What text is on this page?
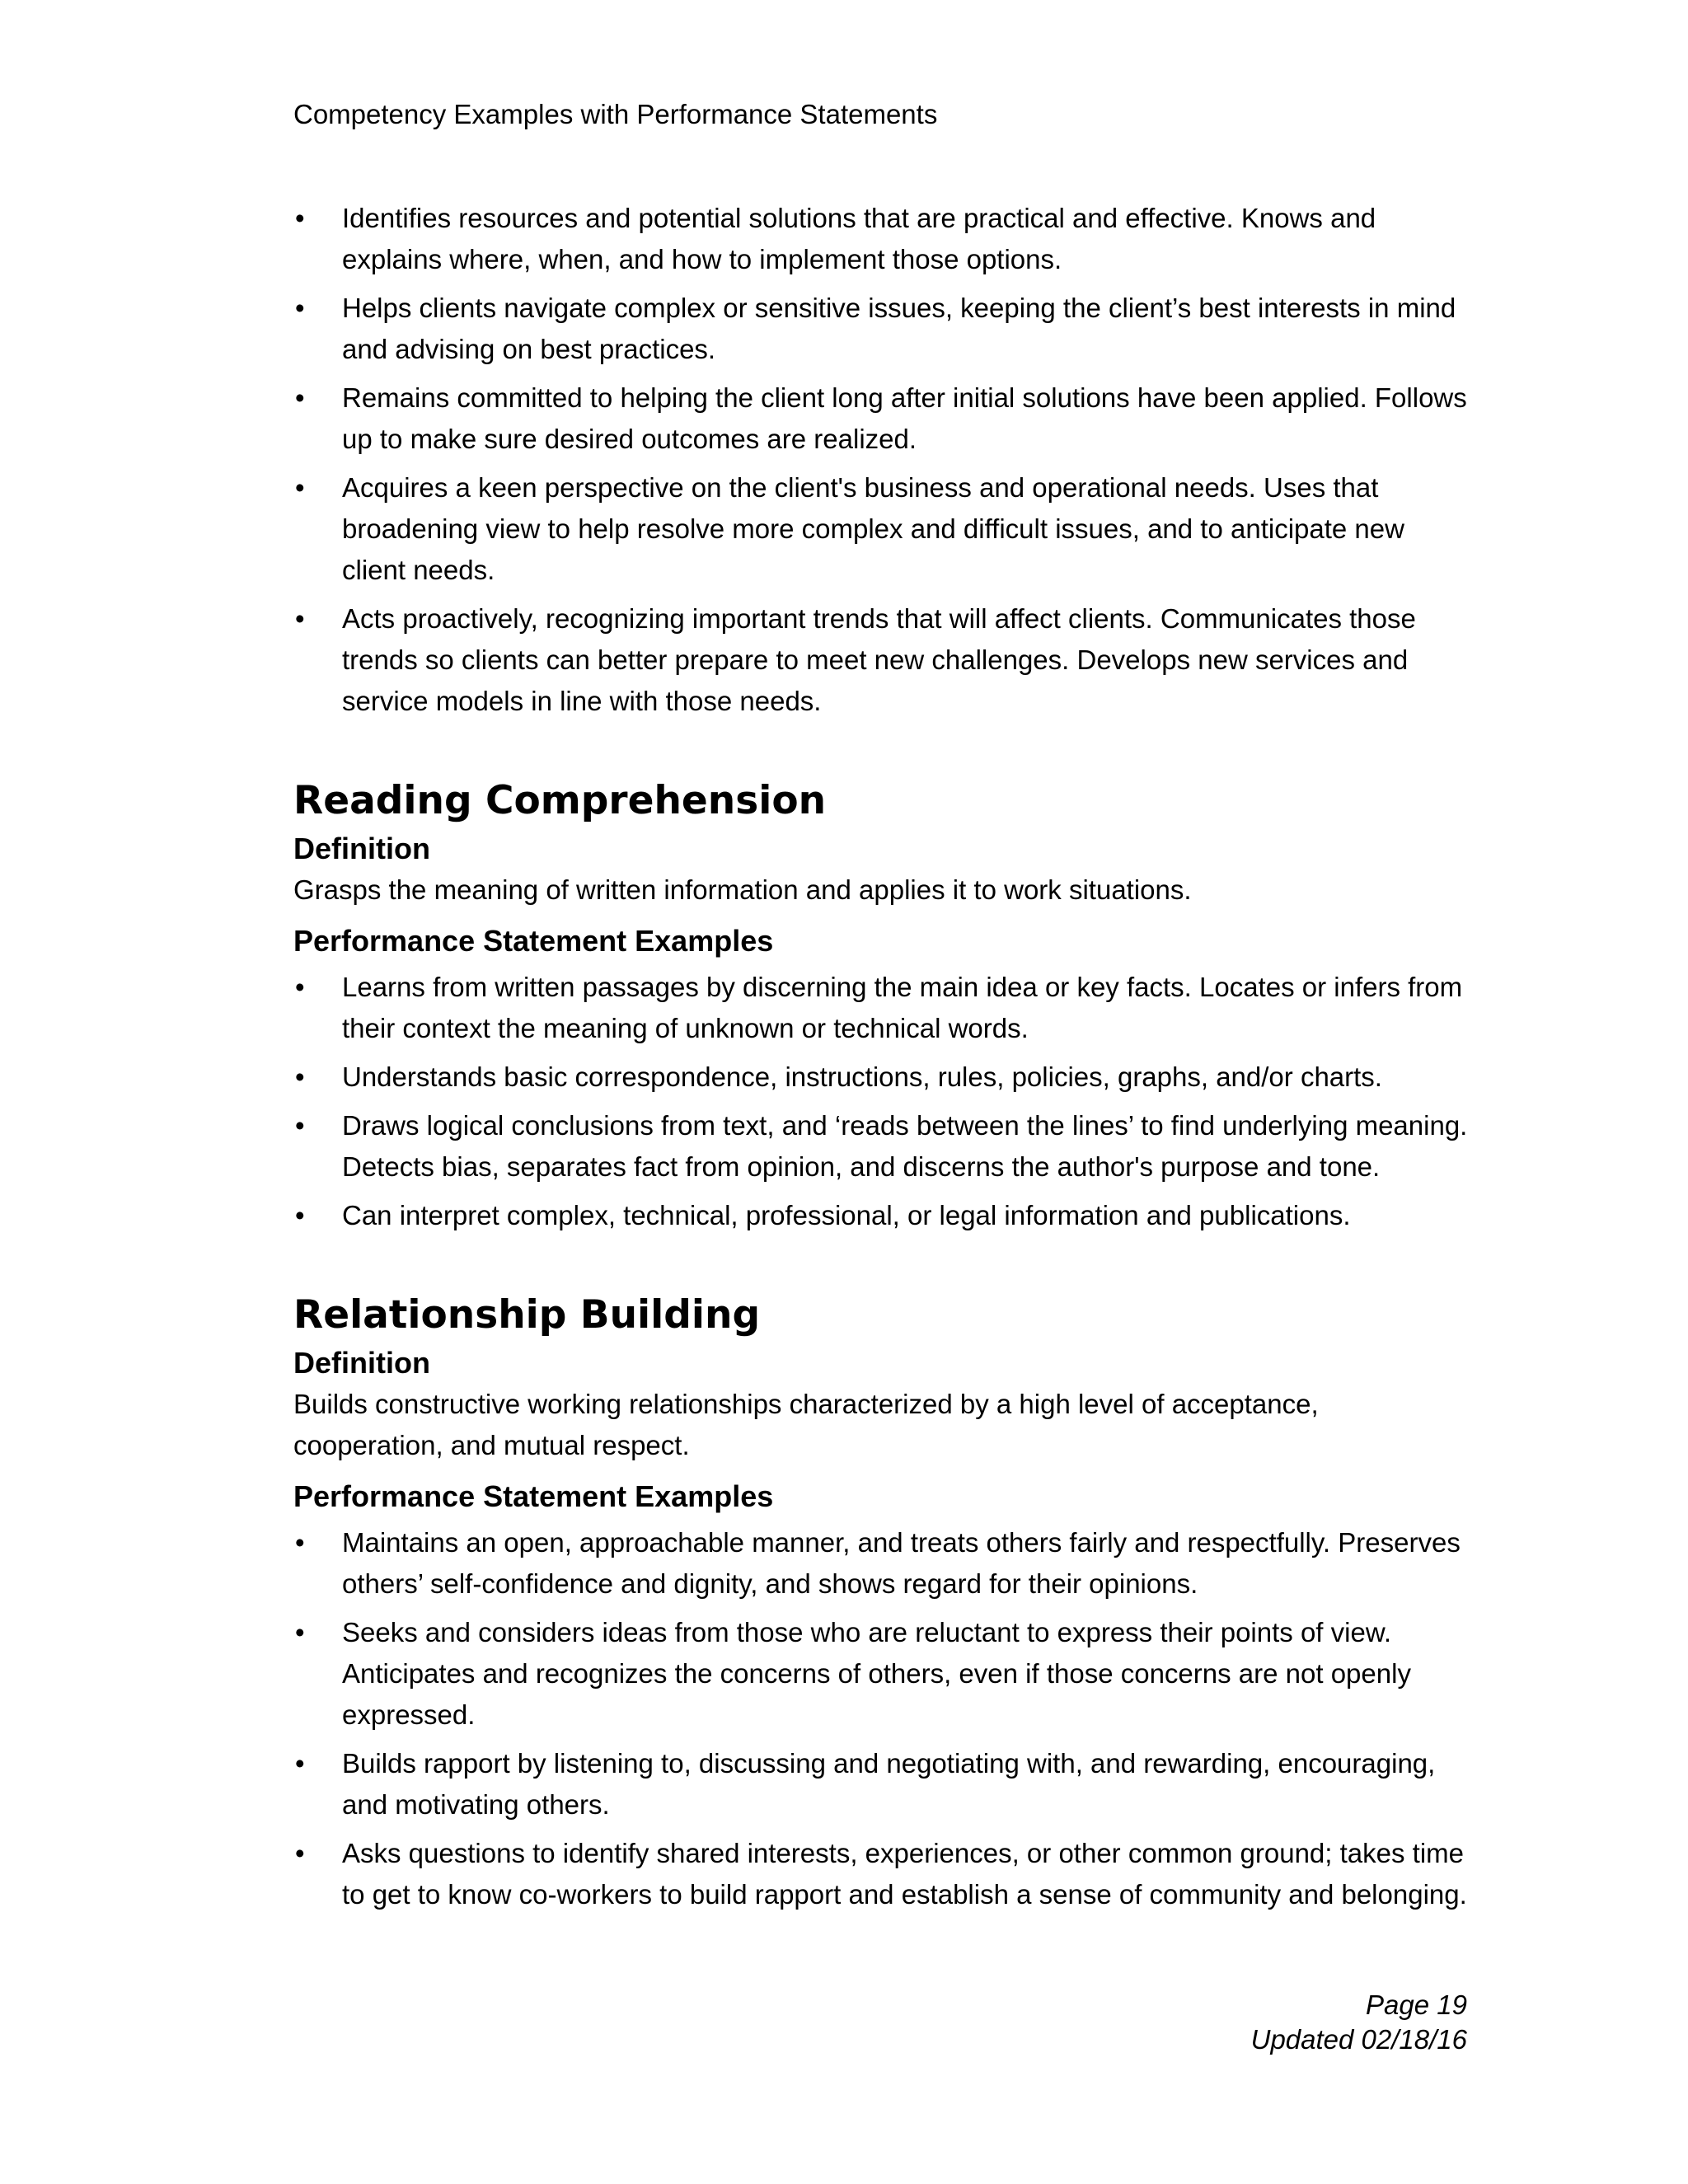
Competency Examples with Performance Statements
•	Identifies resources and potential solutions that are practical and effective. Knows and explains where, when, and how to implement those options.
•	Helps clients navigate complex or sensitive issues, keeping the client’s best interests in mind and advising on best practices.
•	Remains committed to helping the client long after initial solutions have been applied. Follows up to make sure desired outcomes are realized.
•	Acquires a keen perspective on the client's business and operational needs. Uses that broadening view to help resolve more complex and difficult issues, and to anticipate new client needs.
•	Acts proactively, recognizing important trends that will affect clients. Communicates those trends so clients can better prepare to meet new challenges. Develops new services and service models in line with those needs.
Reading Comprehension
Definition

Grasps the meaning of written information and applies it to work situations.

Performance Statement Examples
•	Learns from written passages by discerning the main idea or key facts. Locates or infers from their context the meaning of unknown or technical words.
•	Understands basic correspondence, instructions, rules, policies, graphs, and/or charts.
•	Draws logical conclusions from text, and ‘reads between the lines’ to find underlying meaning. Detects bias, separates fact from opinion, and discerns the author's purpose and tone.
•	Can interpret complex, technical, professional, or legal information and publications.
Relationship Building
Definition

Builds constructive working relationships characterized by a high level of acceptance, cooperation, and mutual respect.

Performance Statement Examples
•	Maintains an open, approachable manner, and treats others fairly and respectfully. Preserves others’ self-confidence and dignity, and shows regard for their opinions.
•	Seeks and considers ideas from those who are reluctant to express their points of view. Anticipates and recognizes the concerns of others, even if those concerns are not openly expressed.
•	Builds rapport by listening to, discussing and negotiating with, and rewarding, encouraging, and motivating others.
•	Asks questions to identify shared interests, experiences, or other common ground; takes time to get to know co-workers to build rapport and establish a sense of community and belonging.
Page 19
Updated 02/18/16
